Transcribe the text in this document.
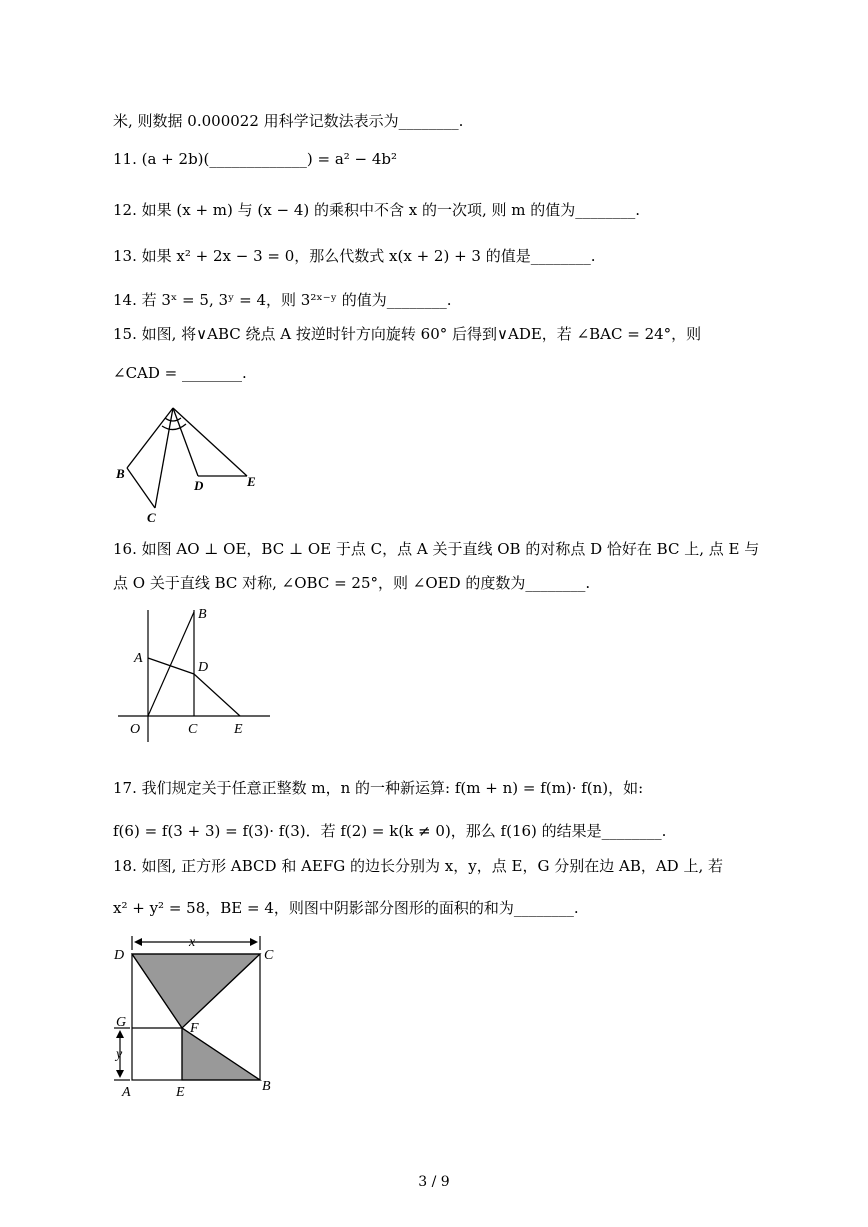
米, 则数据 0.000022 用科学记数法表示为________.
11. (a + 2b)(_____________) = a² − 4b²
12. 如果 (x + m) 与 (x − 4) 的乘积中不含 x 的一次项, 则 m 的值为________.
13. 如果 x² + 2x − 3 = 0，那么代数式 x(x + 2) + 3 的值是________.
14. 若 3ˣ = 5, 3ʸ = 4，则 3²ˣ⁻ʸ 的值为________.
15. 如图, 将∨ABC 绕点 A 按逆时针方向旋转 60° 后得到∨ADE，若 ∠BAC = 24°，则
∠CAD = ________.
B
C
D	E
16. 如图 AO ⊥ OE，BC ⊥ OE 于点 C，点 A 关于直线 OB 的对称点 D 恰好在 BC 上, 点 E 与
点 O 关于直线 BC 对称, ∠OBC = 25°，则 ∠OED 的度数为________.
B
A
D
O	C	E
17. 我们规定关于任意正整数 m，n 的一种新运算: f(m + n) = f(m)· f(n)，如:
f(6) = f(3 + 3) = f(3)· f(3)．若 f(2) = k(k ≠ 0)，那么 f(16) 的结果是________.
18. 如图, 正方形 ABCD 和 AEFG 的边长分别为 x，y，点 E，G 分别在边 AB，AD 上, 若
x² + y² = 58，BE = 4，则图中阴影部分图形的面积的和为________.
x
D	C
G	F
y
A	E	B
3 / 9
